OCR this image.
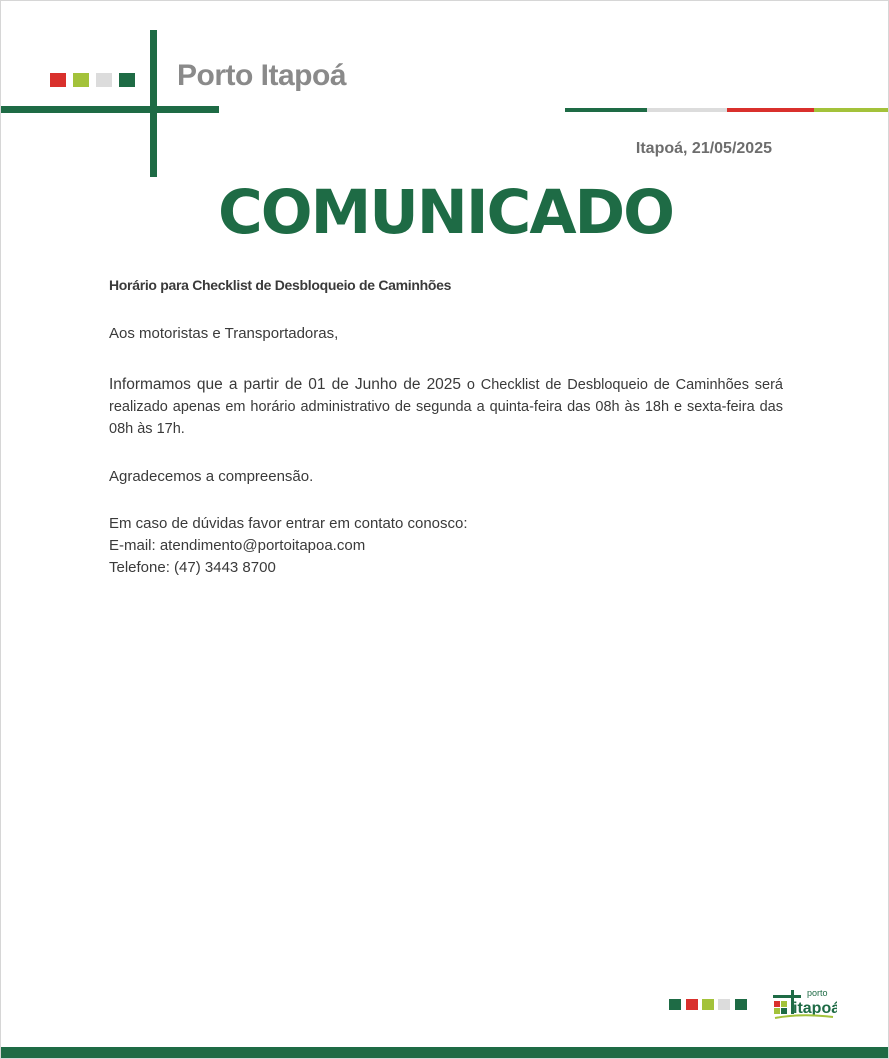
Porto Itapoá
Itapoá, 21/05/2025
COMUNICADO
Horário para Checklist de Desbloqueio de Caminhões
Aos motoristas e Transportadoras,
Informamos que a partir de 01 de Junho de 2025 o Checklist de Desbloqueio de Caminhões será realizado apenas em horário administrativo de segunda a quinta-feira das 08h às 18h e sexta-feira das 08h às 17h.
Agradecemos a compreensão.
Em caso de dúvidas favor entrar em contato conosco:
E-mail: atendimento@portoitapoa.com
Telefone: (47) 3443 8700
porto
itapoá
